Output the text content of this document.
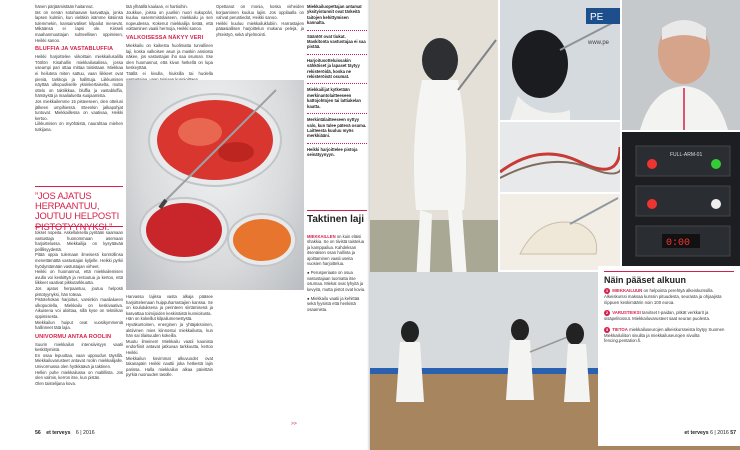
hänen pärjäämistään haitannut.

Iäs on nenän sotahaavan kasvattaja, jonka lapsen kulmiin, kun vieläkin isämme käsiinsä tulemmekin, kansainväliset kilpailut menevät. Mikäänsä ei lapsi ole. Kiisseli maahanmuuttajan suhteellisen oppimisen, Heikki sanoo.

BLUFFIA JA VASTABLUFFIA

Heikki harjoittelee viikoittain miekkailusalilla Töölön Kisahallin miekkailusalissa, jossa useampi pari ottaa mittaa toisistaan. Miekkaa ei heiluteta miten sattuu, vaan liikkeet ovat pieniä, tarkkoja ja hallittuja. Liikkumisen näyttää ulkopuoliselle yksinkertaiselta, mutta ottelu on taktiikkaa, bluffia ja vastabluffia, hämäystä ja maalialuetta suojaamista.

Jos miekkailemme 15 pisteeseen, olen otteluni jälkeen umpihiessä. Eteenkin jalkapohjat tuntuvat. Miekkaillessa on vaativaa, Heikki kertoo.

Liikkumisen on myöhäistä, naurahtaa miehen tutkijana.

”JOS AJATUS HERPAANTUU, JOUTUU HELPOSTI PISTOTYYNYKSI.”

tokset nopeita. Askelluksella pyritään saamaan vastustaja huonommaan asemaan harjoittelussa. Miekkailija on kysyttävää pelillisyydestä.

Pitää oppia tulemaan ilmeisesti kontrollinsa menettämättä vastustajan kyljelle. Heikki pyrkii hyödyntämään vastustajan virheet.

Heikki on huomannut, että miekkailemisen avulla voi keskittyä ja rentoutua ja kertoo, että liikkeet vaativat pikkutarkkuutta.

Jos ajatus herpaantuu, joutuu helposti pistotyynyksi, hän toteaa.

Pistotehokas harjoitus, varsinkin maalialueen ulkopuolella, Miekkailu on keskivaativa. Aikuisena voi aloittaa, sillä kyse on tekniikan oppimisesta.

Miekkailun huiput ovat vuosikymmeniä hallinneet tätä lajia.

UNIVORMU ANTAA ROOLIN

Suurin miekkailun intensiivisyys vaatii keskittymistä.

En osaa lepuuttaa, vaan uppoudun täysillä. Miekkailuvarusteet antavat roolin miekkailijalle. Univormussa olen hyökkäävä ja taktinen.

Helkin puhe miekkailussa on maltillista. Jos olen valmis, kerron itse, kun pistän.

Olen taistelijana kova.

tää ylhäällä kaulaan, ei hartioihin.

Joukkue, joissa on juurikin nuori sukupolvi, kuuluu vasemmistolaiseen, miekkailu ja sen nopeudessa. Kokenut miekkailija tietää, että voittaminen vaatii hermoja, Heikki sanoo.

VALKOISESSA NÄKYY VERI

Miekkailu on kaikesta huolimatta turvallinen laji, koska valkoisen asun ja maskin ansiosta näkee, jos vastustajan iho saa osuman. Itse olen huomannut, että kivun hetkellä on lupa keskeyttää.

Täällä ei kivulla, hiuksilla tai huolella

Opettanut on monia, koska virheiden korjaaminen kuuluu lajiin. Jos oppilaalla on vahvat perustiedot, Heikki sanoo.

Heikki kuuluu miekkailuklubiin. Harrastajien pääasiallisen harjoittelun mukana pelejä, ja yhteistyö, sekä ohjelmointi.

Harvassa lajissa vasta alkaja pääsee harjoittelemaan huippuharrastajien kanssa. Se on koulutuksena ja perinteen siirtämisenä ja kasvattaa toimijoiden keskinäistä kunnioitusta.

Hän on kokeillut kilpailumenestystä.

Hyväkuntoinen, energinen ja yhtäjaksoinen, aktiivinen mies kiinnostui miekkailusta, kun hän sai tilaisuuden kokeilla.

Muutu ilmeinen! Miekkailu vaatii kaunista endorfiinit antavat jatkuvaa tarkkuutta, kertoo Heikki.

Miekkailun kovimmat alkuvuodet ovat takanapäin Heikki nauttii joka hetkestä lajin parissa. Halla miekkailun alkaa päivittäin pyrkiä nuoruuden tasolle.

Miekkailuopettajan antamat yksityistunnit ovat tärkeitä taitojen kehittymisen kannalta.

Sääntöt ovat tiukat. Maskitonta vastustajaa ei saa pistää.

Harjoitusotteluissakin sähköiset ja lapaset täytyy rekisteröidä, koska ne rekisteröivät osumat.

Miekkailijat kytketään merkinantolaitteeseen kattojohtojen tai lattiakelan kautta.

Merkintälaitteeseen syttyy valo, kun tulee pätevä osuma. Laitteesta kuuluu myös merkkiääni.

Heikki harjoittelee pistoja seinätyynyyn.

Taktinen laji

MIEKKAILLEN on kuin eläisi shakkia. Se on tiivistä taistelua ja kamppailua. Kahdeksan itsenäisen osan hallinta ja ajoittaminen vaatii useita vuosien harjoittelua.

● Perusperiaate on osua vastustajaan tuomatta itse osumaa. Miekat ovat lyhyitä ja kevyitä, mutta pistot ovat kovia.

● Miekkailu vaatii ja kehittää sekä fyysistä että henkistä osaamista.

>>
56 et terveys 6 | 2016
PE
www.pe
FULL-ARM-01
0:00
Näin pääset alkuun
1 MIEKKAILUUN on helpointa perehtyä alkeiskurssilla. Alkeiskurssi maksaa kurssin pituudesta, seurasta ja ohjaajista riippuen keskimäärin noin 100 euroa.
2 VARUSTEIKSI tarvitset t-paidan, pitkät verkkarit ja sisäpelitossut. Miekkailuvarusteet saat seuran puolesta.
3 TIETOA miekkailuseurojen alkeiskursseista löytyy Suomen Miekkailuliiton sivuilta ja miekkailuseurojen sivuilta fencing.pentation.fi.
et terveys 6 | 2016 57
